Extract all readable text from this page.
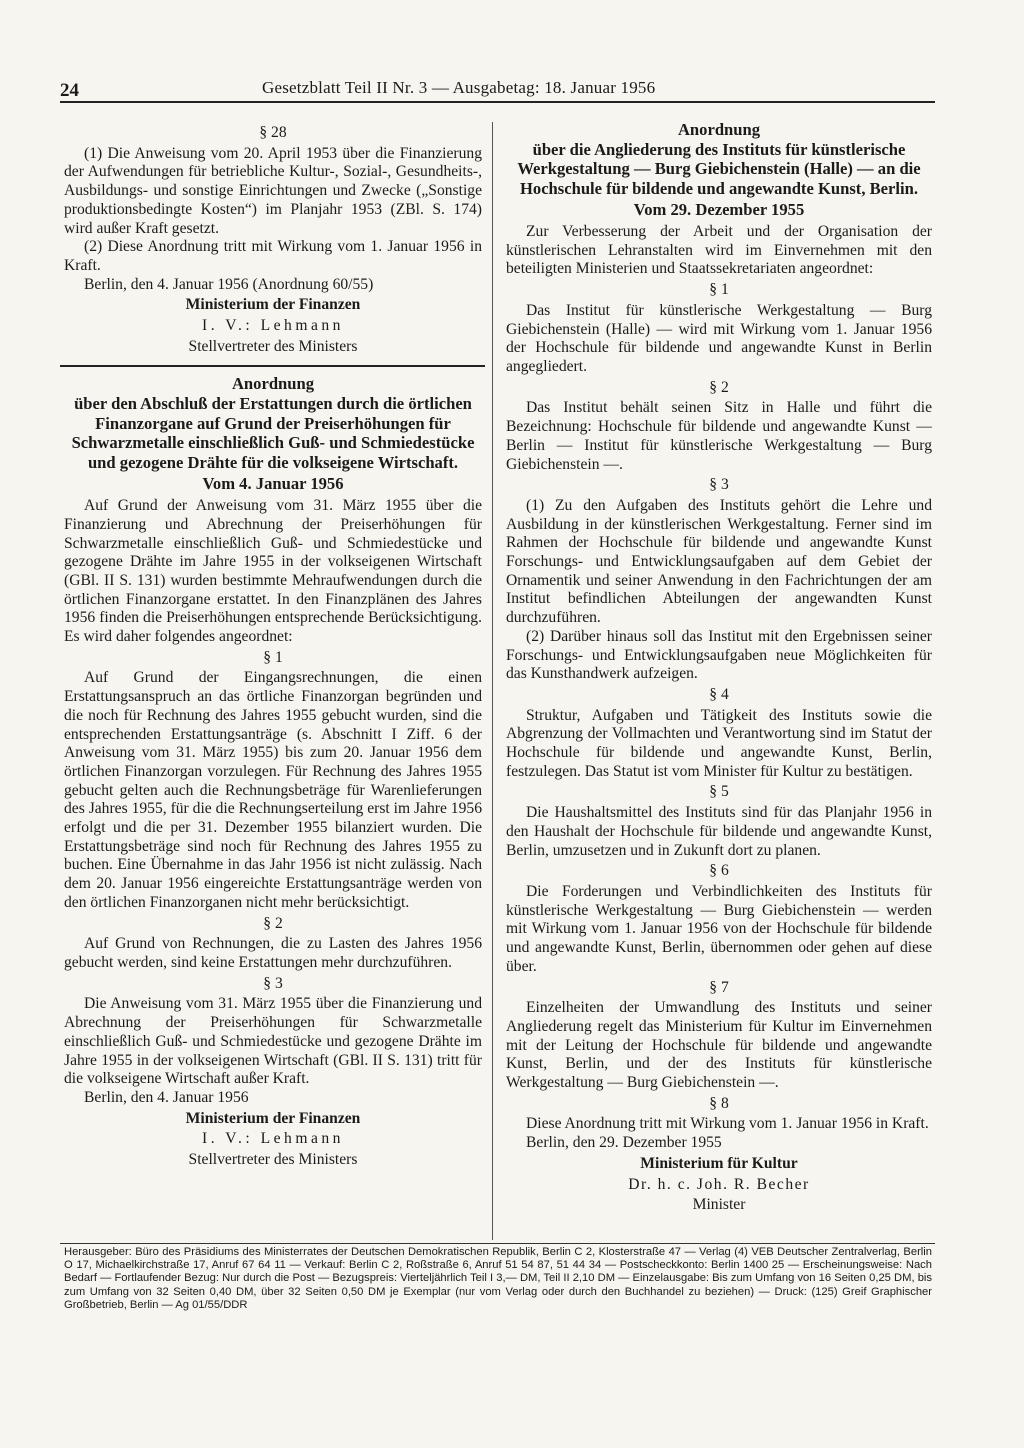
24	Gesetzblatt Teil II Nr. 3 — Ausgabetag: 18. Januar 1956
§ 28

(1) Die Anweisung vom 20. April 1953 über die Finanzierung der Aufwendungen für betriebliche Kultur-, Sozial-, Gesundheits-, Ausbildungs- und sonstige Einrichtungen und Zwecke („Sonstige produktionsbedingte Kosten“) im Planjahr 1953 (ZBl. S. 174) wird außer Kraft gesetzt.

(2) Diese Anordnung tritt mit Wirkung vom 1. Januar 1956 in Kraft.

Berlin, den 4. Januar 1956 (Anordnung 60/55)

Ministerium der Finanzen
I. V.: Lehmann
Stellvertreter des Ministers
Anordnung
über den Abschluß der Erstattungen durch die örtlichen Finanzorgane auf Grund der Preiserhöhungen für Schwarzmetalle einschließlich Guß- und Schmiedestücke und gezogene Drähte für die volkseigene Wirtschaft.
Vom 4. Januar 1956

Auf Grund der Anweisung vom 31. März 1955 über die Finanzierung und Abrechnung der Preiserhöhungen für Schwarzmetalle einschließlich Guß- und Schmiedestücke und gezogene Drähte im Jahre 1955 in der volkseigenen Wirtschaft (GBl. II S. 131) wurden bestimmte Mehraufwendungen durch die örtlichen Finanzorgane erstattet. In den Finanzplänen des Jahres 1956 finden die Preiserhöhungen entsprechende Berücksichtigung. Es wird daher folgendes angeordnet:

§ 1

Auf Grund der Eingangsrechnungen, die einen Erstattungsanspruch an das örtliche Finanzorgan begründen und die noch für Rechnung des Jahres 1955 gebucht wurden, sind die entsprechenden Erstattungsanträge (s. Abschnitt I Ziff. 6 der Anweisung vom 31. März 1955) bis zum 20. Januar 1956 dem örtlichen Finanzorgan vorzulegen. Für Rechnung des Jahres 1955 gebucht gelten auch die Rechnungsbeträge für Warenlieferungen des Jahres 1955, für die die Rechnungserteilung erst im Jahre 1956 erfolgt und die per 31. Dezember 1955 bilanziert wurden. Die Erstattungsbeträge sind noch für Rechnung des Jahres 1955 zu buchen. Eine Übernahme in das Jahr 1956 ist nicht zulässig. Nach dem 20. Januar 1956 eingereichte Erstattungsanträge werden von den örtlichen Finanzorganen nicht mehr berücksichtigt.

§ 2

Auf Grund von Rechnungen, die zu Lasten des Jahres 1956 gebucht werden, sind keine Erstattungen mehr durchzuführen.

§ 3

Die Anweisung vom 31. März 1955 über die Finanzierung und Abrechnung der Preiserhöhungen für Schwarzmetalle einschließlich Guß- und Schmiedestücke und gezogene Drähte im Jahre 1955 in der volkseigenen Wirtschaft (GBl. II S. 131) tritt für die volkseigene Wirtschaft außer Kraft.

Berlin, den 4. Januar 1956

Ministerium der Finanzen
I. V.: Lehmann
Stellvertreter des Ministers
Anordnung
über die Angliederung des Instituts für künstlerische Werkgestaltung — Burg Giebichenstein (Halle) — an die Hochschule für bildende und angewandte Kunst, Berlin.
Vom 29. Dezember 1955

Zur Verbesserung der Arbeit und der Organisation der künstlerischen Lehranstalten wird im Einvernehmen mit den beteiligten Ministerien und Staatssekretariaten angeordnet:

§ 1

Das Institut für künstlerische Werkgestaltung — Burg Giebichenstein (Halle) — wird mit Wirkung vom 1. Januar 1956 der Hochschule für bildende und angewandte Kunst in Berlin angegliedert.

§ 2

Das Institut behält seinen Sitz in Halle und führt die Bezeichnung: Hochschule für bildende und angewandte Kunst — Berlin — Institut für künstlerische Werkgestaltung — Burg Giebichenstein —.

§ 3

(1) Zu den Aufgaben des Instituts gehört die Lehre und Ausbildung in der künstlerischen Werkgestaltung. Ferner sind im Rahmen der Hochschule für bildende und angewandte Kunst Forschungs- und Entwicklungsaufgaben auf dem Gebiet der Ornamentik und seiner Anwendung in den Fachrichtungen der am Institut befindlichen Abteilungen der angewandten Kunst durchzuführen.

(2) Darüber hinaus soll das Institut mit den Ergebnissen seiner Forschungs- und Entwicklungsaufgaben neue Möglichkeiten für das Kunsthandwerk aufzeigen.

§ 4

Struktur, Aufgaben und Tätigkeit des Instituts sowie die Abgrenzung der Vollmachten und Verantwortung sind im Statut der Hochschule für bildende und angewandte Kunst, Berlin, festzulegen. Das Statut ist vom Minister für Kultur zu bestätigen.

§ 5

Die Haushaltsmittel des Instituts sind für das Planjahr 1956 in den Haushalt der Hochschule für bildende und angewandte Kunst, Berlin, umzusetzen und in Zukunft dort zu planen.

§ 6

Die Forderungen und Verbindlichkeiten des Instituts für künstlerische Werkgestaltung — Burg Giebichenstein — werden mit Wirkung vom 1. Januar 1956 von der Hochschule für bildende und angewandte Kunst, Berlin, übernommen oder gehen auf diese über.

§ 7

Einzelheiten der Umwandlung des Instituts und seiner Angliederung regelt das Ministerium für Kultur im Einvernehmen mit der Leitung der Hochschule für bildende und angewandte Kunst, Berlin, und der des Instituts für künstlerische Werkgestaltung — Burg Giebichenstein —.

§ 8

Diese Anordnung tritt mit Wirkung vom 1. Januar 1956 in Kraft.

Berlin, den 29. Dezember 1955

Ministerium für Kultur
Dr. h. c. Joh. R. Becher
Minister

Herausgeber: Büro des Präsidiums des Ministerrates der Deutschen Demokratischen Republik, Berlin C 2, Klosterstraße 47 — Verlag (4) VEB Deutscher Zentralverlag, Berlin O 17, Michaelkirchstraße 17, Anruf 67 64 11 — Verkauf: Berlin C 2, Roßstraße 6, Anruf 51 54 87, 51 44 34 — Postscheckkonto: Berlin 1400 25 — Erscheinungsweise: Nach Bedarf — Fortlaufender Bezug: Nur durch die Post — Bezugspreis: Vierteljährlich Teil I 3,— DM, Teil II 2,10 DM — Einzelausgabe: Bis zum Umfang von 16 Seiten 0,25 DM, bis zum Umfang von 32 Seiten 0,40 DM, über 32 Seiten 0,50 DM je Exemplar (nur vom Verlag oder durch den Buchhandel zu beziehen) — Druck: (125) Greif Graphischer Großbetrieb, Berlin — Ag 01/55/DDR
